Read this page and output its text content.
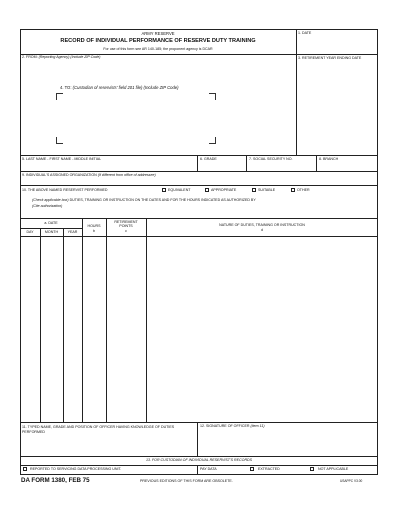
ARMY RESERVE
RECORD OF INDIVIDUAL PERFORMANCE OF RESERVE DUTY TRAINING
For use of this form see AR 140-185; the proponent agency is DCAR
1. DATE
2. FROM: (Reporting Agency) (Include ZIP Code)	3. RETIREMENT YEAR ENDING DATE
4. TO: (Custodian of reservists' field 201 file) (Include ZIP Code)
5. LAST NAME - FIRST NAME - MIDDLE INITIAL	6. GRADE	7. SOCIAL SECURITY NO.	8. BRANCH
9. INDIVIDUAL'S ASSIGNED ORGANIZATION (If different from office of addressee)
10. THE ABOVE NAMED RESERVIST PERFORMED	EQUIVALENT	APPROPRIATE	SUITABLE	OTHER
(Check applicable box) DUTIES, TRAINING OR INSTRUCTION ON THE DATES AND FOR THE HOURS INDICATED AS AUTHORIZED BY
(Cite authorization)
a. DATE
DAY	MONTH	YEAR
HOURS
b
RETIREMENT POINTS
c
NATURE OF DUTIES, TRAINING OR INSTRUCTION
d
11. TYPED NAME, GRADE AND POSITION OF OFFICER HAVING KNOWLEDGE OF DUTIES PERFORMED
12. SIGNATURE OF OFFICER (Item 11)
13. FOR CUSTODIAN OF INDIVIDUAL RESERVIST'S RECORDS
REPORTED TO SERVICING DATA PROCESSING UNIT.	PAY DATA	EXTRACTED	NOT APPLICABLE
DA FORM 1380, FEB 75	PREVIOUS EDITIONS OF THIS FORM ARE OBSOLETE.	USAPPC V3.00
